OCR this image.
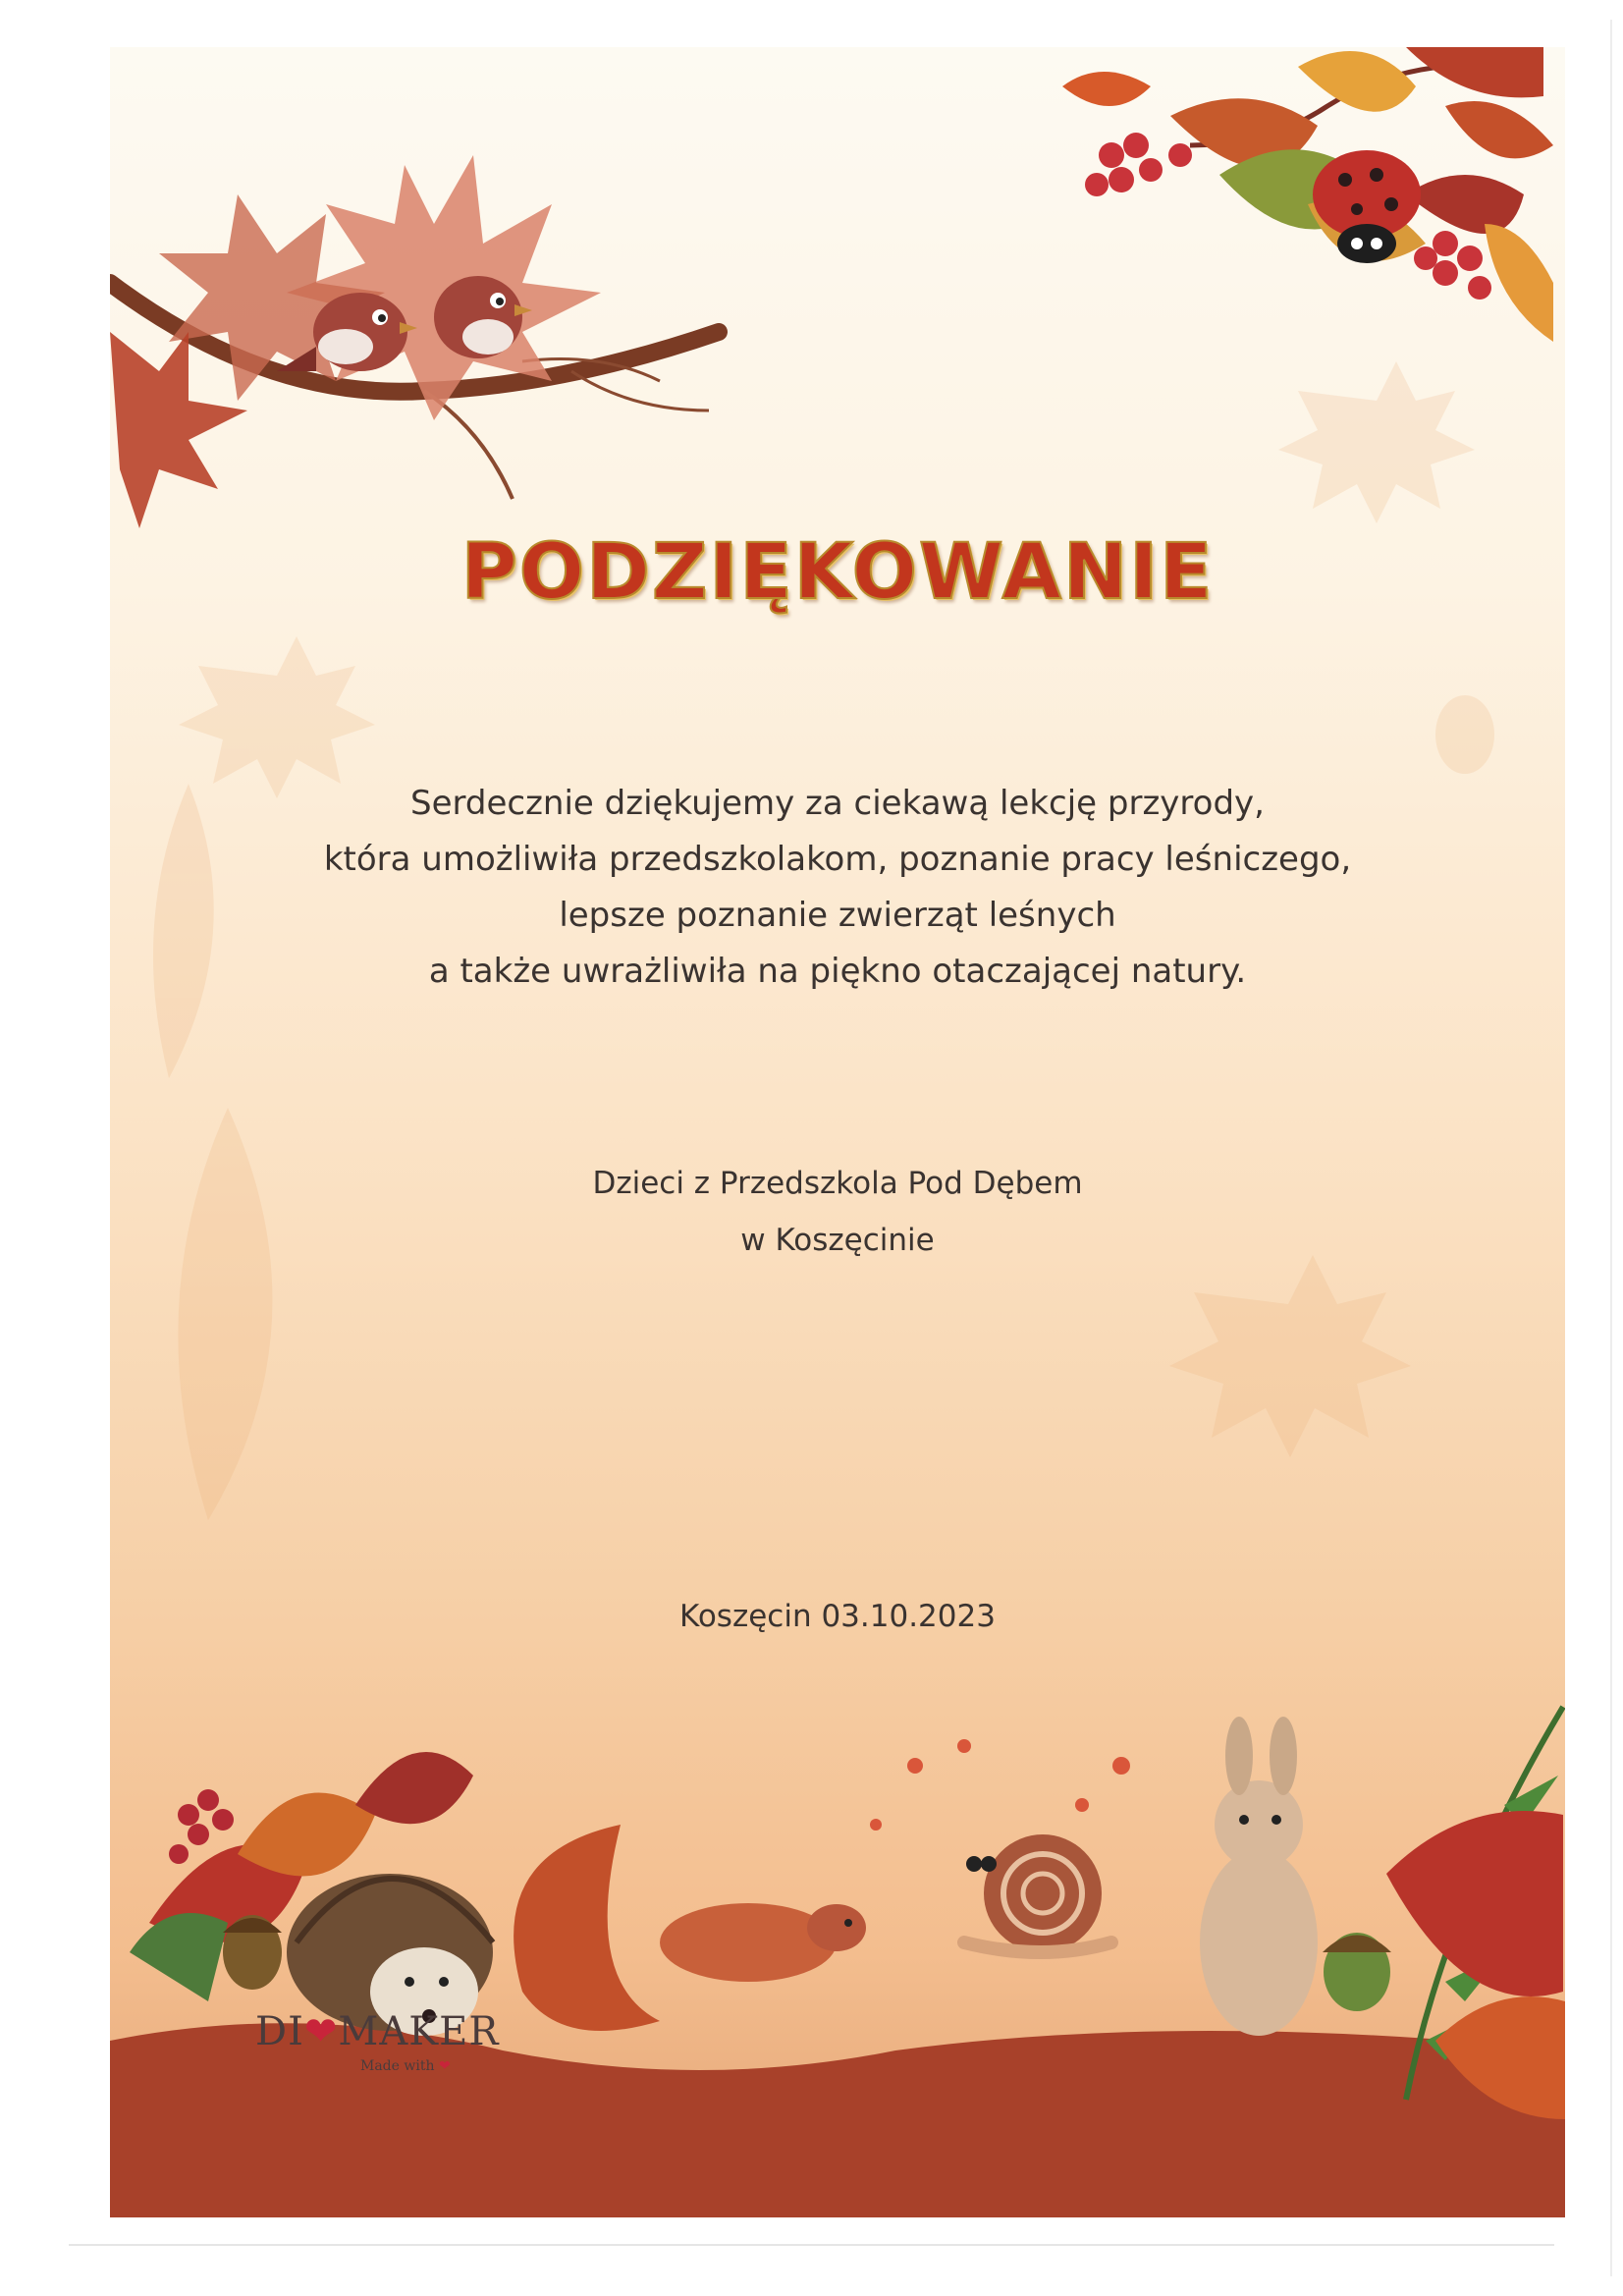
PODZIĘKOWANIE
Serdecznie dziękujemy za ciekawą lekcję przyrody,
która umożliwiła przedszkolakom, poznanie pracy leśniczego,
lepsze poznanie zwierząt leśnych
a także uwrażliwiła na piękno otaczającej natury.
Dzieci z Przedszkola Pod Dębem
w Koszęcinie
Koszęcin 03.10.2023
DI❤MAKER
Made with ❤
